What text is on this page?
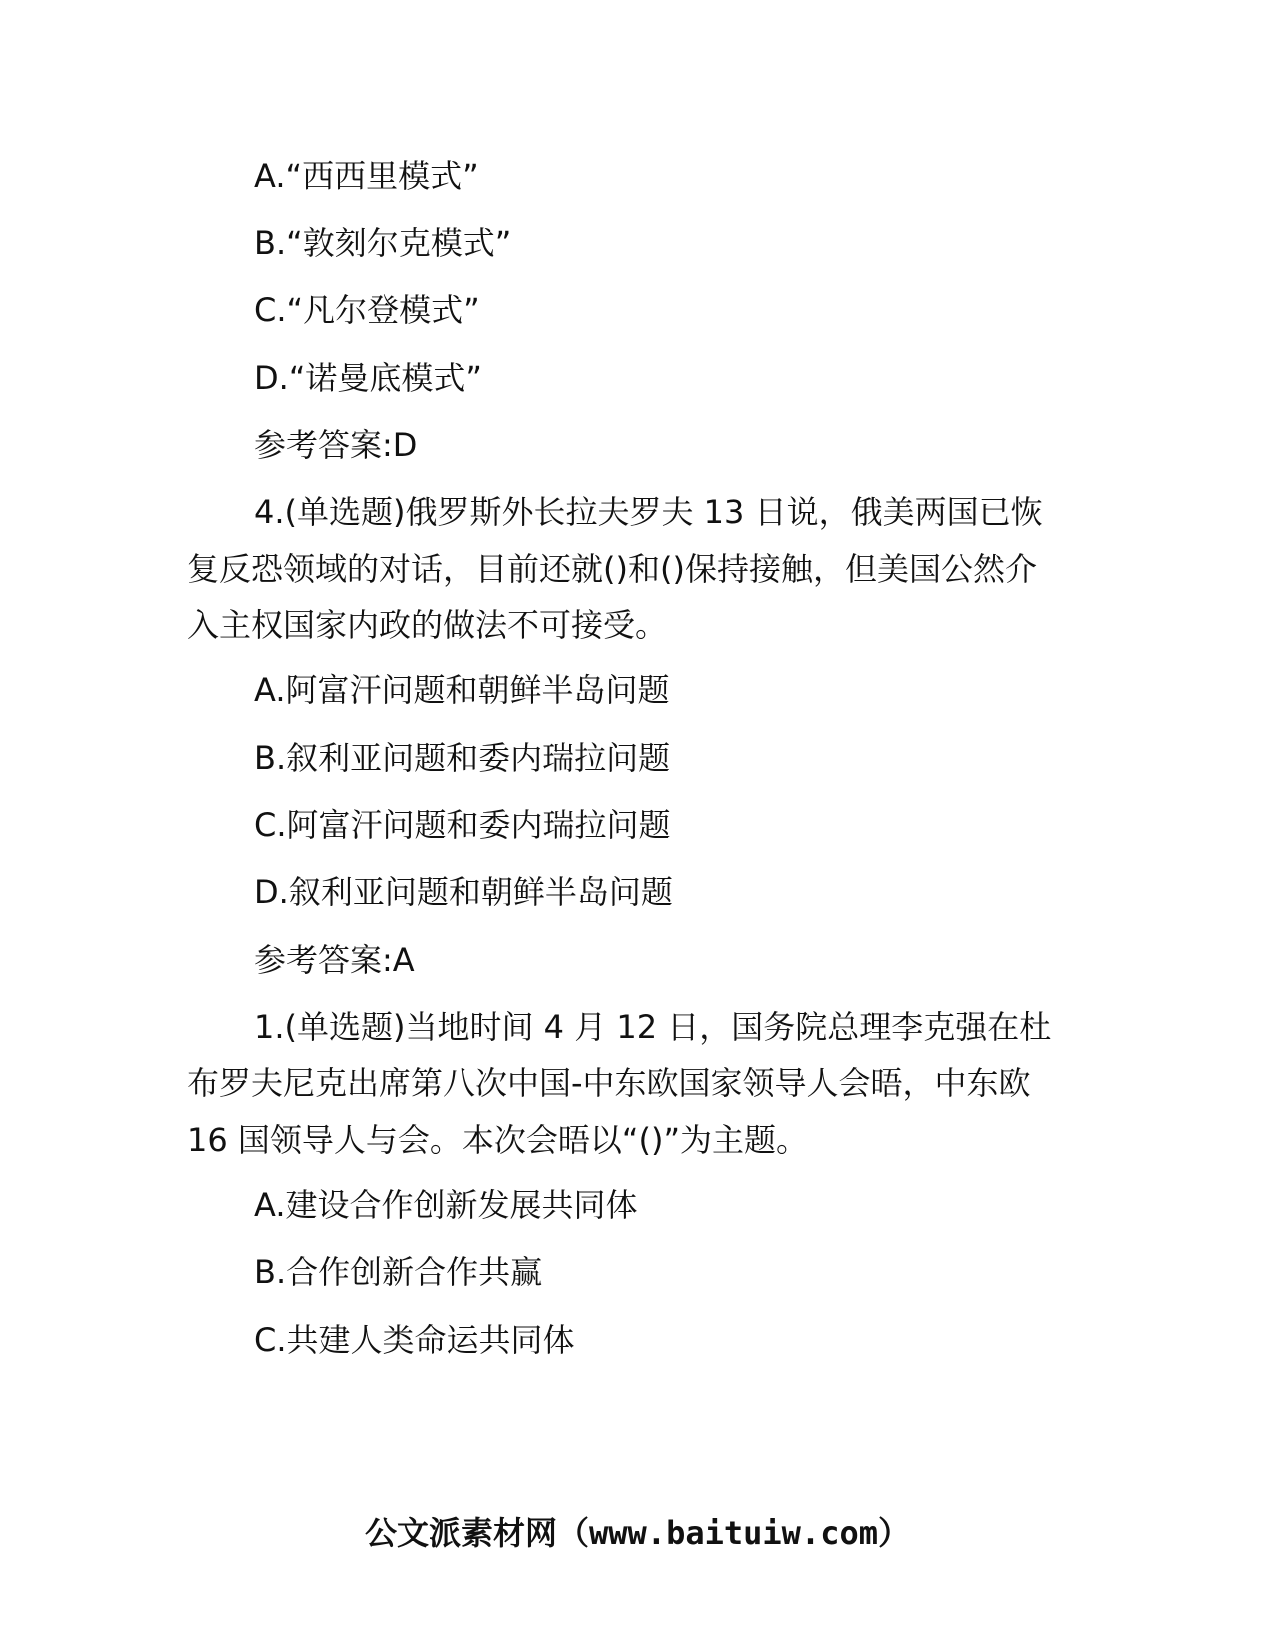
A.“西西里模式”
B.“敦刻尔克模式”
C.“凡尔登模式”
D.“诺曼底模式”
参考答案:D
4.(单选题)俄罗斯外长拉夫罗夫 13 日说，俄美两国已恢
复反恐领域的对话，目前还就()和()保持接触，但美国公然介
入主权国家内政的做法不可接受。
A.阿富汗问题和朝鲜半岛问题
B.叙利亚问题和委内瑞拉问题
C.阿富汗问题和委内瑞拉问题
D.叙利亚问题和朝鲜半岛问题
参考答案:A
1.(单选题)当地时间 4 月 12 日，国务院总理李克强在杜
布罗夫尼克出席第八次中国-中东欧国家领导人会晤，中东欧
16 国领导人与会。本次会晤以“()”为主题。
A.建设合作创新发展共同体
B.合作创新合作共赢
C.共建人类命运共同体
公文派素材网（www.baituiw.com）
